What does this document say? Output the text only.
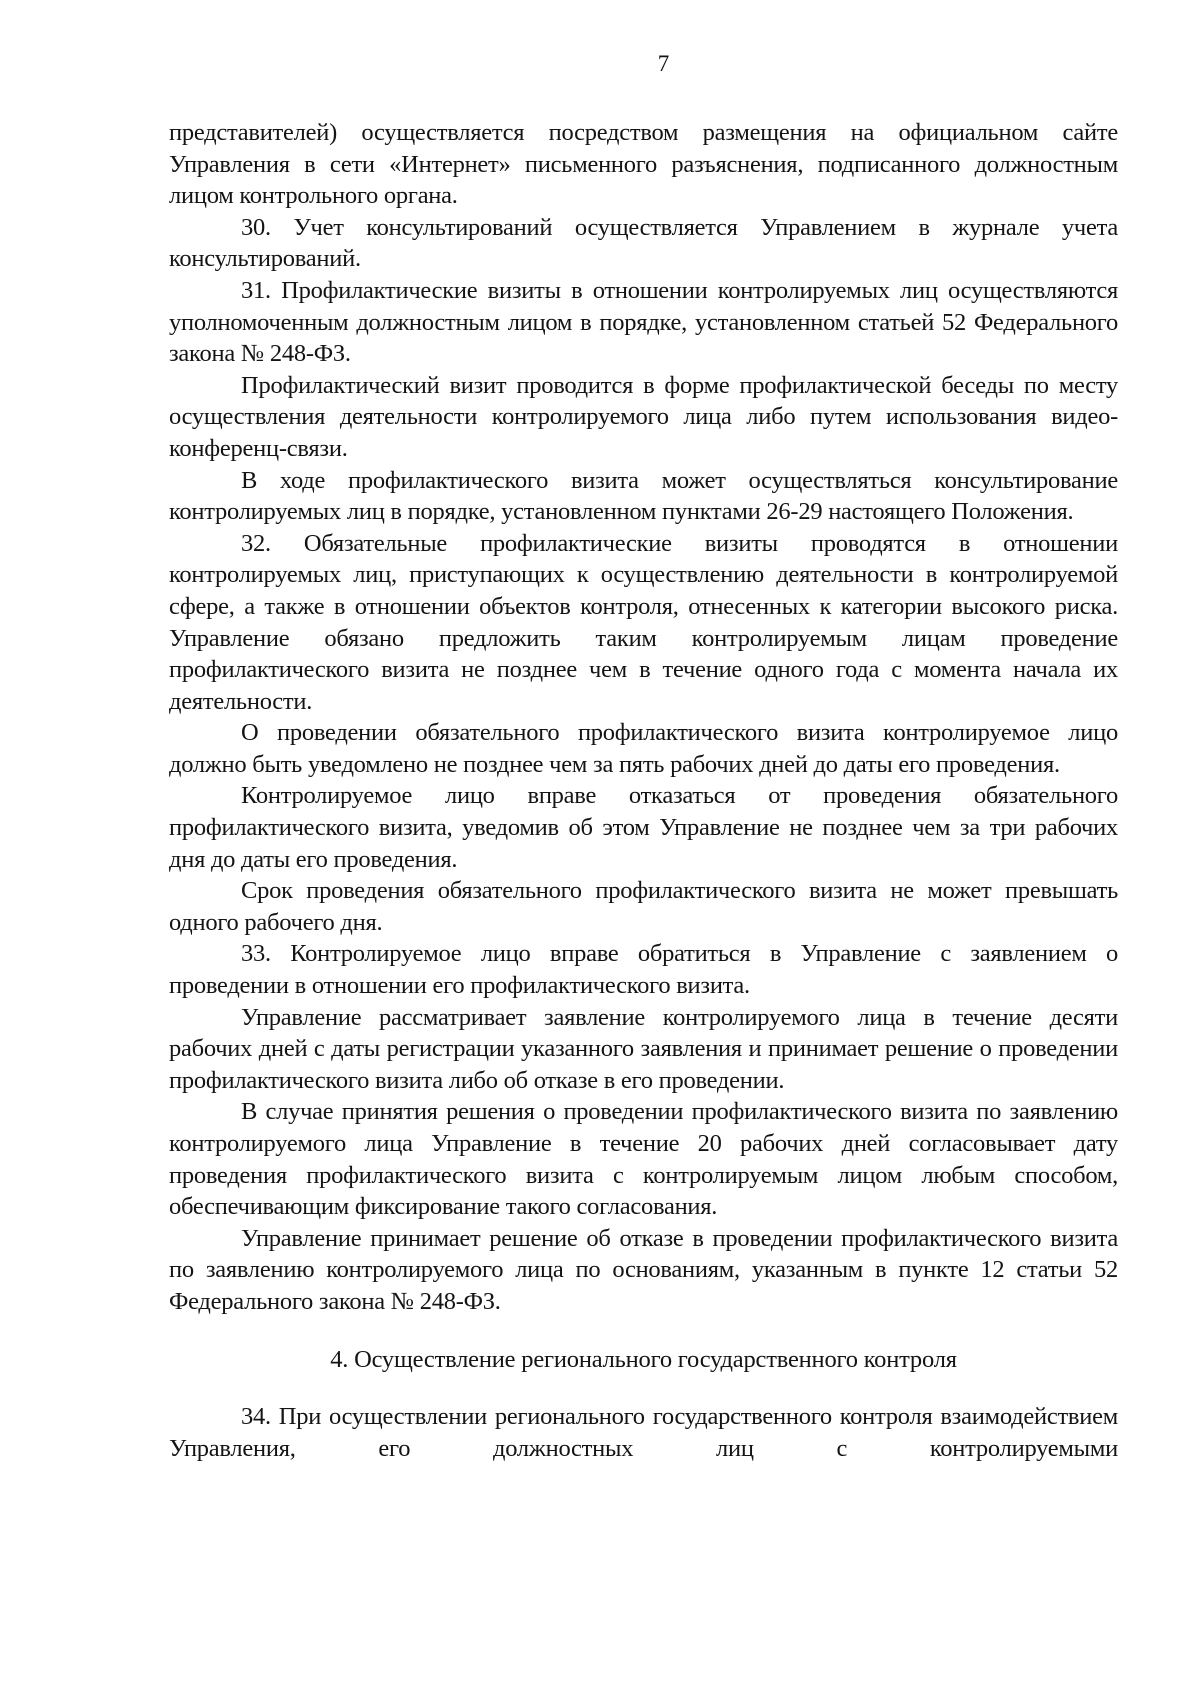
7

представителей) осуществляется посредством размещения на официальном сайте Управления в сети «Интернет» письменного разъяснения, подписанного должностным лицом контрольного органа.

30. Учет консультирований осуществляется Управлением в журнале учета консультирований.

31. Профилактические визиты в отношении контролируемых лиц осуществляются уполномоченным должностным лицом в порядке, установленном статьей 52 Федерального закона № 248-ФЗ.

Профилактический визит проводится в форме профилактической беседы по месту осуществления деятельности контролируемого лица либо путем использования видео-конференц-связи.

В ходе профилактического визита может осуществляться консультирование контролируемых лиц в порядке, установленном пунктами 26-29 настоящего Положения.

32. Обязательные профилактические визиты проводятся в отношении контролируемых лиц, приступающих к осуществлению деятельности в контролируемой сфере, а также в отношении объектов контроля, отнесенных к категории высокого риска. Управление обязано предложить таким контролируемым лицам проведение профилактического визита не позднее чем в течение одного года с момента начала их деятельности.

О проведении обязательного профилактического визита контролируемое лицо должно быть уведомлено не позднее чем за пять рабочих дней до даты его проведения.

Контролируемое лицо вправе отказаться от проведения обязательного профилактического визита, уведомив об этом Управление не позднее чем за три рабочих дня до даты его проведения.

Срок проведения обязательного профилактического визита не может превышать одного рабочего дня.

33. Контролируемое лицо вправе обратиться в Управление с заявлением о проведении в отношении его профилактического визита.

Управление рассматривает заявление контролируемого лица в течение десяти рабочих дней с даты регистрации указанного заявления и принимает решение о проведении профилактического визита либо об отказе в его проведении.

В случае принятия решения о проведении профилактического визита по заявлению контролируемого лица Управление в течение 20 рабочих дней согласовывает дату проведения профилактического визита с контролируемым лицом любым способом, обеспечивающим фиксирование такого согласования.

Управление принимает решение об отказе в проведении профилактического визита по заявлению контролируемого лица по основаниям, указанным в пункте 12 статьи 52 Федерального закона № 248-ФЗ.

4. Осуществление регионального государственного контроля

34. При осуществлении регионального государственного контроля взаимодействием Управления, его должностных лиц с контролируемыми
